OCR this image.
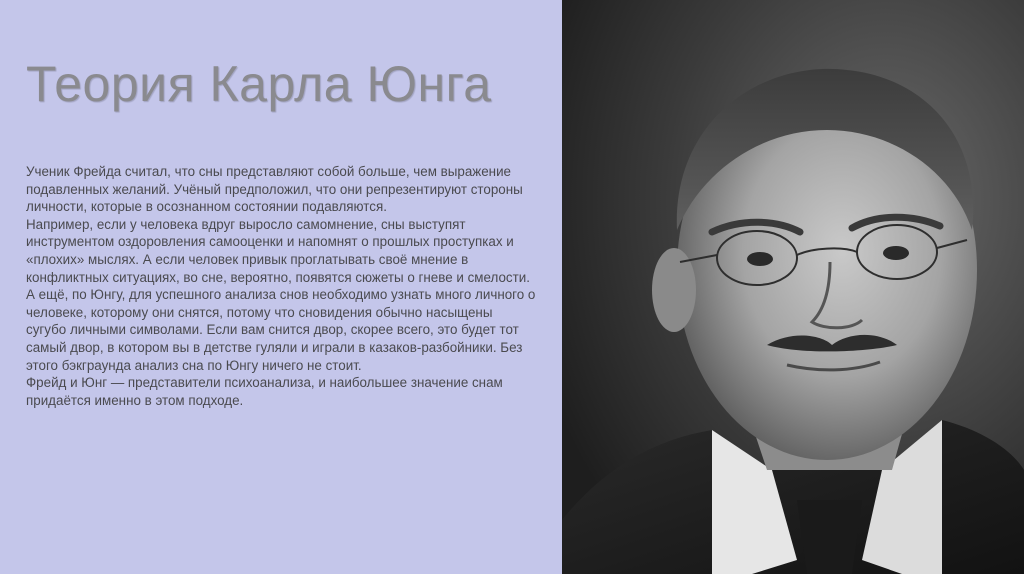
Теория Карла Юнга

Ученик Фрейда считал, что сны представляют собой больше, чем выражение подавленных желаний. Учёный предположил, что они репрезентируют стороны личности, которые в осознанном состоянии подавляются.

Например, если у человека вдруг выросло самомнение, сны выступят инструментом оздоровления самооценки и напомнят о прошлых проступках и «плохих» мыслях. А если человек привык проглатывать своё мнение в конфликтных ситуациях, во сне, вероятно, появятся сюжеты о гневе и смелости.

А ещё, по Юнгу, для успешного анализа снов необходимо узнать много личного о человеке, которому они снятся, потому что сновидения обычно насыщены сугубо личными символами. Если вам снится двор, скорее всего, это будет тот самый двор, в котором вы в детстве гуляли и играли в казаков-разбойники. Без этого бэкграунда анализ сна по Юнгу ничего не стоит.

Фрейд и Юнг — представители психоанализа, и наибольшее значение снам придаётся именно в этом подходе.
